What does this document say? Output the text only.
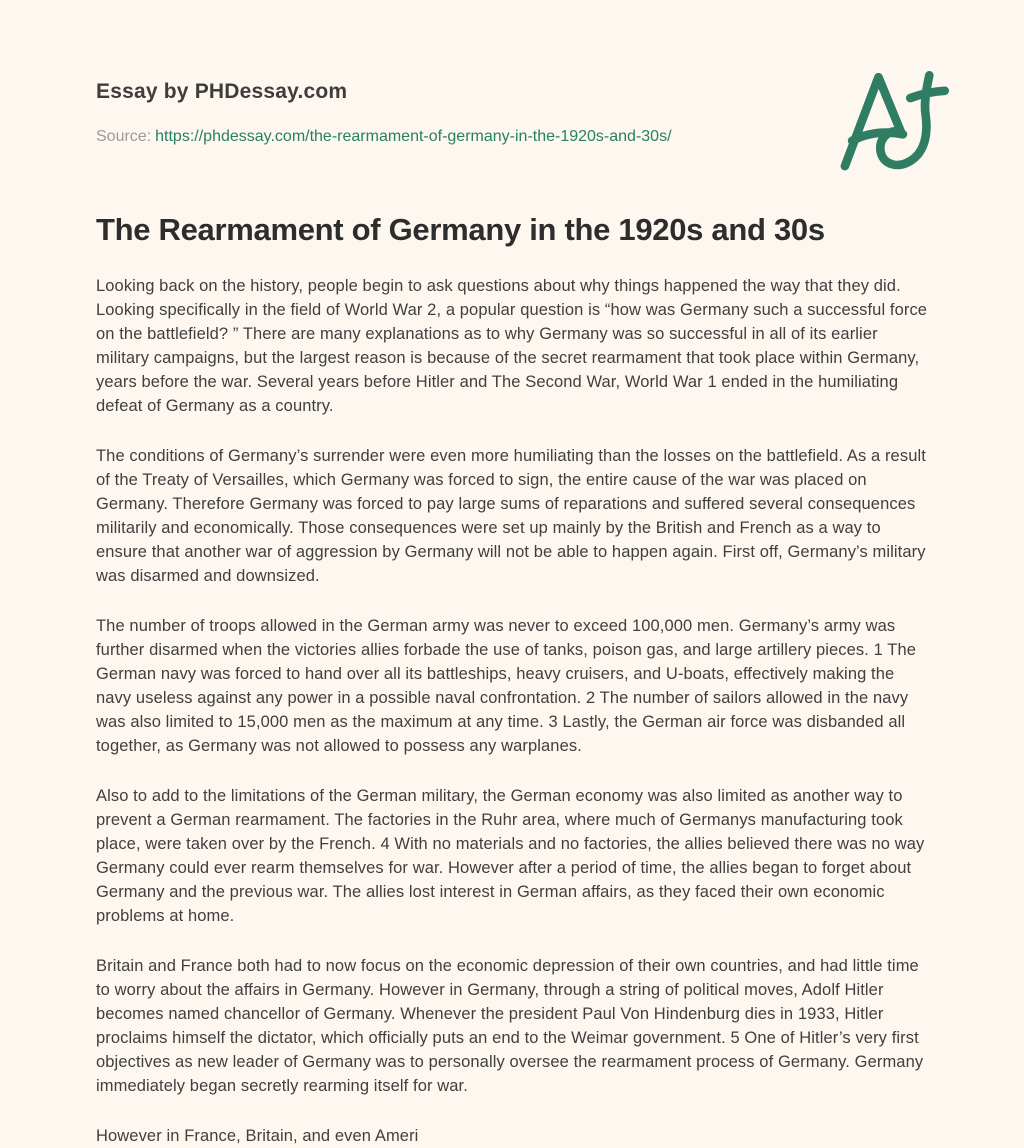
Essay by PHDessay.com
Source: https://phdessay.com/the-rearmament-of-germany-in-the-1920s-and-30s/
The Rearmament of Germany in the 1920s and 30s

Looking back on the history, people begin to ask questions about why things happened the way that they did. Looking specifically in the field of World War 2, a popular question is “how was Germany such a successful force on the battlefield? ” There are many explanations as to why Germany was so successful in all of its earlier military campaigns, but the largest reason is because of the secret rearmament that took place within Germany, years before the war. Several years before Hitler and The Second War, World War 1 ended in the humiliating defeat of Germany as a country.

The conditions of Germany’s surrender were even more humiliating than the losses on the battlefield. As a result of the Treaty of Versailles, which Germany was forced to sign, the entire cause of the war was placed on Germany. Therefore Germany was forced to pay large sums of reparations and suffered several consequences militarily and economically. Those consequences were set up mainly by the British and French as a way to ensure that another war of aggression by Germany will not be able to happen again. First off, Germany’s military was disarmed and downsized.

The number of troops allowed in the German army was never to exceed 100,000 men. Germany’s army was further disarmed when the victories allies forbade the use of tanks, poison gas, and large artillery pieces. 1 The German navy was forced to hand over all its battleships, heavy cruisers, and U-boats, effectively making the navy useless against any power in a possible naval confrontation. 2 The number of sailors allowed in the navy was also limited to 15,000 men as the maximum at any time. 3 Lastly, the German air force was disbanded all together, as Germany was not allowed to possess any warplanes.

Also to add to the limitations of the German military, the German economy was also limited as another way to prevent a German rearmament. The factories in the Ruhr area, where much of Germanys manufacturing took place, were taken over by the French. 4 With no materials and no factories, the allies believed there was no way Germany could ever rearm themselves for war. However after a period of time, the allies began to forget about Germany and the previous war. The allies lost interest in German affairs, as they faced their own economic problems at home.

Britain and France both had to now focus on the economic depression of their own countries, and had little time to worry about the affairs in Germany. However in Germany, through a string of political moves, Adolf Hitler becomes named chancellor of Germany. Whenever the president Paul Von Hindenburg dies in 1933, Hitler proclaims himself the dictator, which officially puts an end to the Weimar government. 5 One of Hitler’s very first objectives as new leader of Germany was to personally oversee the rearmament process of Germany. Germany immediately began secretly rearming itself for war.

However in France, Britain, and even Ameri
